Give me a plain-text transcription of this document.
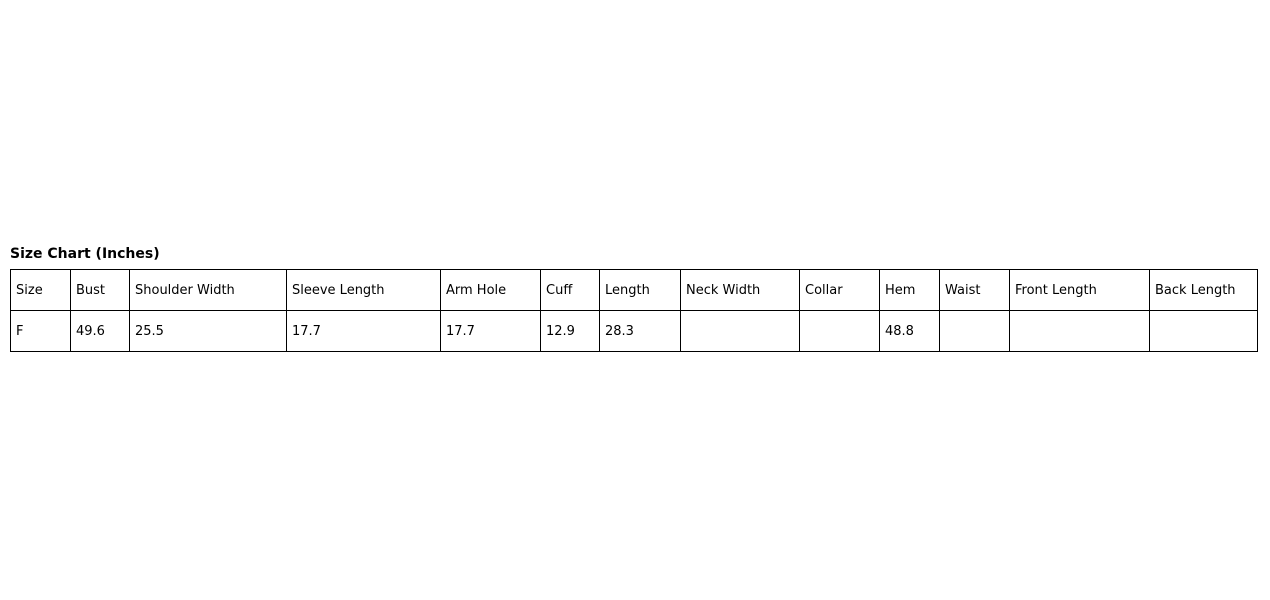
Size Chart (Inches)
Size	Bust	Shoulder Width	Sleeve Length	Arm Hole	Cuff	Length	Neck Width	Collar	Hem	Waist	Front Length	Back Length
F	49.6	25.5	17.7	17.7	12.9	28.3			48.8			
